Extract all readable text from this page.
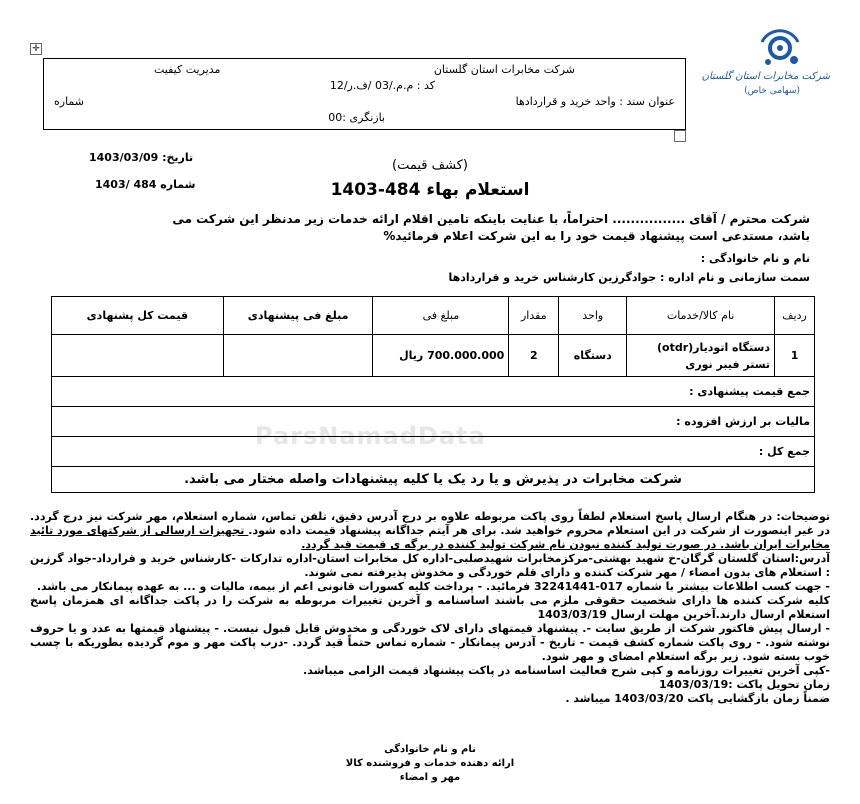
ParsNamadData
✛
شرکت مخابرات استان گلستان
(سهامی خاص)
شرکت مخابرات استان گلستان
مدیریت کیفیت
کد : م.م./03 /ف.ر/12
عنوان سند : واحد خرید و قراردادها
شماره
بازنگری :00
تاریخ: 1403/03/09
شماره 484 /1403
(کشف قیمت)
استعلام بهاء 484-1403
شرکت محترم / آقای ................ احتراماً، با عنایت باینکه تامین اقلام ارائه خدمات زیر مدنظر این شرکت می
باشد، مستدعی است پیشنهاد قیمت خود را به این شرکت اعلام فرمائید%
نام و نام خانوادگی :
سمت سازمانی و نام اداره : جوادگرزین کارشناس خرید و قراردادها
ردیف	نام کالا/خدمات	واحد	مقدار	مبلغ فی	مبلغ فی پیشنهادی	قیمت کل پشنهادی
1	دستگاه اتودیار(otdr) تستر فیبر نوری	دستگاه	2	700.000.000 ریال		
جمع قیمت پیشنهادی :						
مالیات بر ارزش افزوده :						
جمع کل :						
شرکت مخابرات در پذیرش و یا رد یک یا کلیه پیشنهادات واصله مختار می باشد.						

توضیحات: در هنگام ارسال پاسخ استعلام لطفاً روی پاکت مربوطه علاوه بر درج آدرس دقیق، تلفن تماس، شماره استعلام، مهر شرکت نیز درج گردد. در غیر اینصورت از شرکت در این استعلام محروم خواهید شد. برای هر آیتم جداگانه پیشنهاد قیمت داده شود. تجهیزات ارسالی از شرکتهای مورد تائید مخابرات ایران باشد. در صورت تولید کننده نبودن نام شرکت تولید کننده در برگه ی قیمت قید گردد.

آدرس:استان گلستان گرگان-خ شهید بهشتی-مرکزمخابرات شهیدصلبی-اداره کل مخابرات استان-اداره تدارکات -کارشناس خرید و قرارداد-جواد گرزین : استعلام های بدون امضاء / مهر شرکت کننده و دارای قلم خوردگی و مخدوش پذیرفته نمی شوند.

- جهت کسب اطلاعات بیشتر با شماره 017-32241441 فرمائید. - پرداخت کلیه کسورات قانونی اعم از بیمه، مالیات و ... به عهده پیمانکار می باشد.

کلیه شرکت کننده ها دارای شخصیت حقوقی ملزم می باشند اساسنامه و آخرین تغییرات مربوطه به شرکت را در پاکت جداگانه ای همزمان پاسخ استعلام ارسال دارند.آخرین مهلت ارسال 1403/03/19

- ارسال پیش فاکتور شرکت از طریق سایت -. پیشنهاد قیمتهای دارای لاک خوردگی و مخدوش قابل قبول نیست. - پیشنهاد قیمتها به عدد و یا حروف نوشته شود. - روی پاکت شماره کشف قیمت - تاریخ - آدرس پیمانکار - شماره تماس حتماً قید گردد. -درب پاکت مهر و موم گردیده بطوریکه با چسب خوب بسته شود. زیر برگه استعلام امضای و مهر شود.

-کپی آخرین تغییرات روزنامه و کپی شرح فعالیت اساسنامه در پاکت پیشنهاد قیمت الزامی میباشد.

زمان تحویل پاکت :1403/03/19

ضمناً زمان بازگشایی پاکت 1403/03/20 میباشد .

نام و نام خانوادگی
ارائه دهنده خدمات و فروشنده کالا
مهر و امضاء
